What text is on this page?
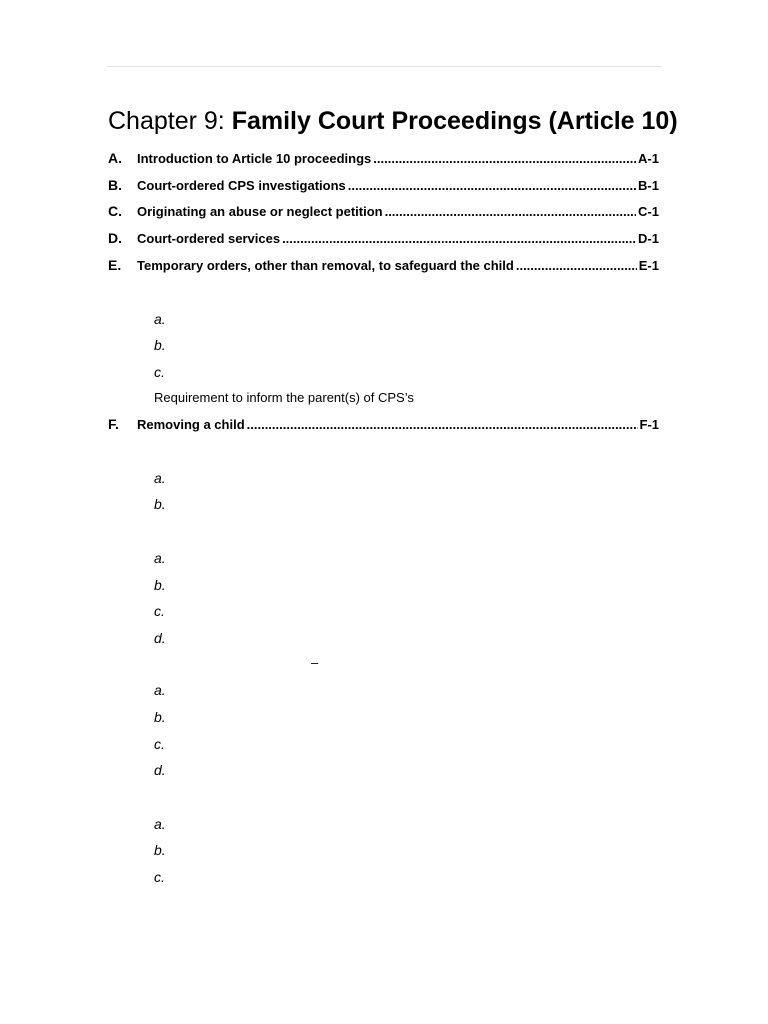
Chapter 9: Family Court Proceedings (Article 10)
A.	Introduction to Article 10 proceedings .....	A-1
B.	Court-ordered CPS investigations .....	B-1
C.	Originating an abuse or neglect petition .....	C-1
D.	Court-ordered services .....	D-1
E.	Temporary orders, other than removal, to safeguard the child .....	E-1
a.
b.
c.
Requirement to inform the parent(s) of CPS’s
F.	Removing a child .....	F-1
a.
b.
a.
b.
c.
d.
–
a.
b.
c.
d.
a.
b.
c.
